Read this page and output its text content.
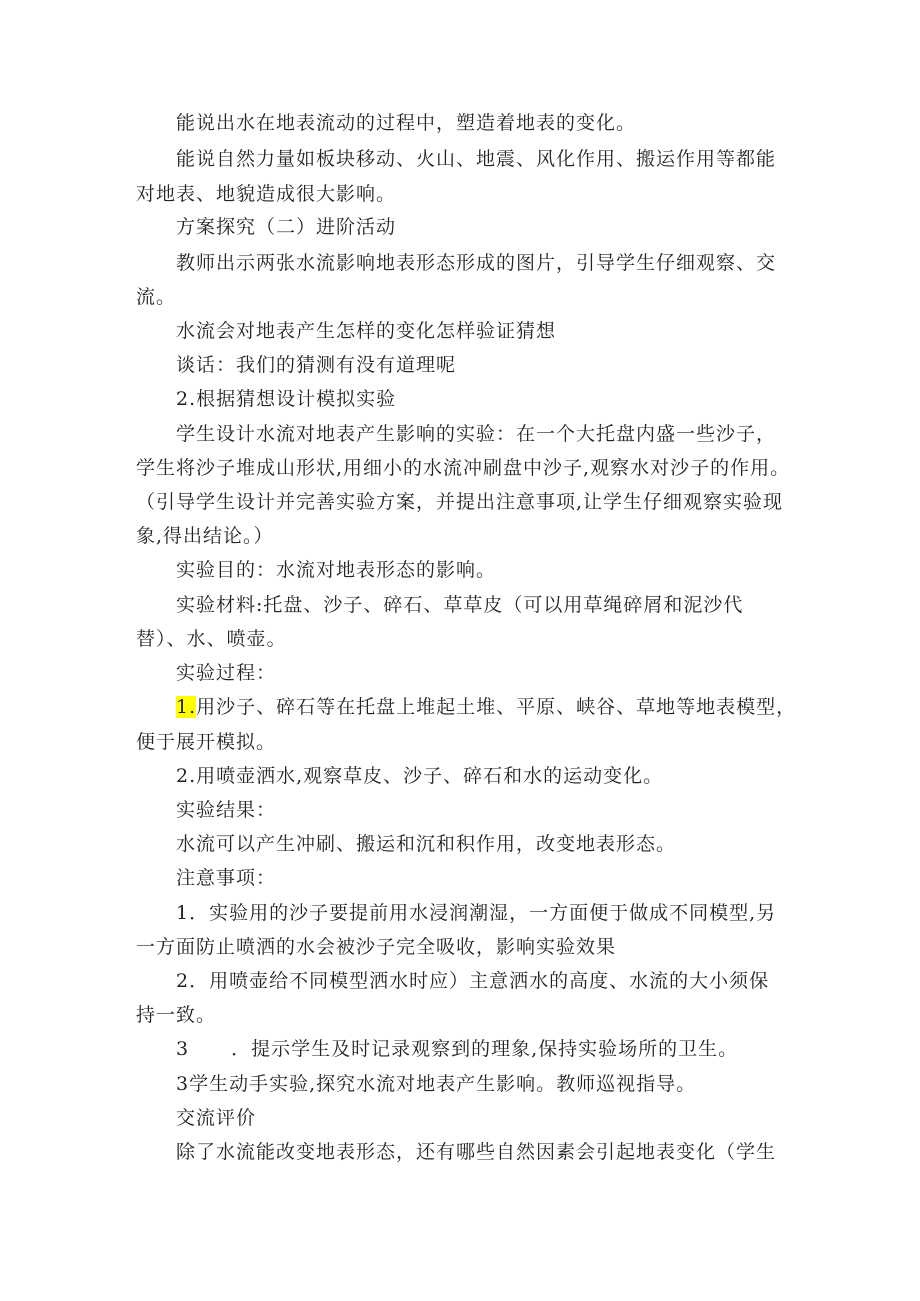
能说出水在地表流动的过程中，塑造着地表的变化。
能说自然力量如板块移动、火山、地震、风化作用、搬运作用等都能
对地表、地貌造成很大影响。
方案探究（二）进阶活动
教师出示两张水流影响地表形态形成的图片，引导学生仔细观察、交
流。
水流会对地表产生怎样的变化怎样验证猜想
谈话：我们的猜测有没有道理呢
2.根据猜想设计模拟实验
学生设计水流对地表产生影响的实验：在一个大托盘内盛一些沙子，
学生将沙子堆成山形状,用细小的水流冲刷盘中沙子,观察水对沙子的作用。
（引导学生设计并完善实验方案，并提出注意事项,让学生仔细观察实验现
象,得出结论。）
实验目的：水流对地表形态的影响。
实验材料:托盘、沙子、碎石、草草皮（可以用草绳碎屑和泥沙代
替）、水、喷壶。
实验过程：
1.用沙子、碎石等在托盘上堆起土堆、平原、峡谷、草地等地表模型，
便于展开模拟。
2.用喷壶洒水,观察草皮、沙子、碎石和水的运动变化。
实验结果：
水流可以产生冲刷、搬运和沉和积作用，改变地表形态。
注意事项：
1．实验用的沙子要提前用水浸润潮湿，一方面便于做成不同模型,另
一方面防止喷洒的水会被沙子完全吸收，影响实验效果
2．用喷壶给不同模型洒水时应）主意洒水的高度、水流的大小须保
持一致。
3 ．提示学生及时记录观察到的理象,保持实验场所的卫生。
3学生动手实验,探究水流对地表产生影响。教师巡视指导。
交流评价
除了水流能改变地表形态，还有哪些自然因素会引起地表变化（学生
